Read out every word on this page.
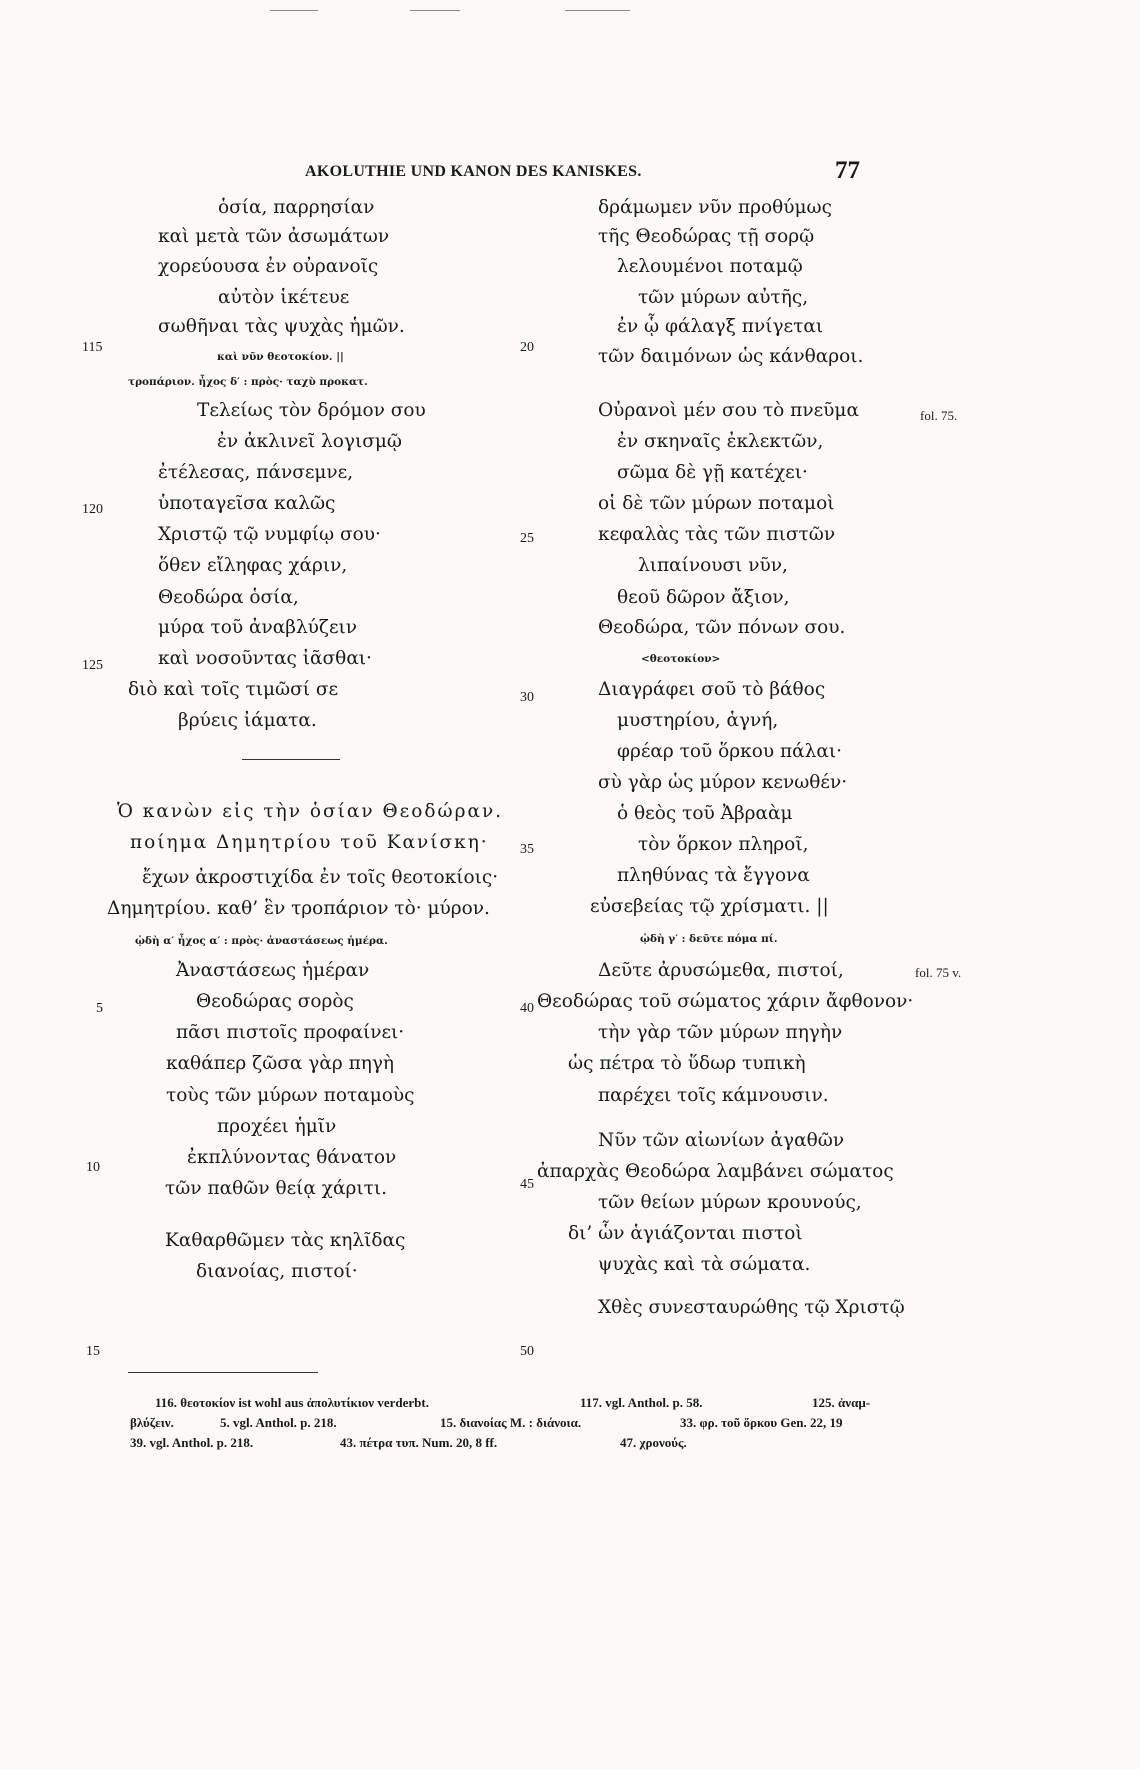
AKOLUTHIE UND KANON DES KANISKES.	77
ὁσία, παρρησίαν
καὶ μετὰ τῶν ἀσωμάτων
χορεύουσα ἐν οὐρανοῖς
αὐτὸν ἱκέτευε
σωθῆναι τὰς ψυχὰς ἡμῶν.
καὶ νῦν θεοτοκίον. ||
τροπάριον. ἦχος δ′ : πρὸς· ταχὺ προκατ.
Τελείως τὸν δρόμον σου
ἐν ἀκλινεῖ λογισμῷ
ἐτέλεσας, πάνσεμνε,
ὑποταγεῖσα καλῶς
Χριστῷ τῷ νυμφίῳ σου·
ὅθεν εἴληφας χάριν,
Θεοδώρα ὁσία,
μύρα τοῦ ἀναβλύζειν
καὶ νοσοῦντας ἰᾶσθαι·
διὸ καὶ τοῖς τιμῶσί σε
βρύεις ἰάματα.
Ὁ κανὼν εἰς τὴν ὁσίαν Θεοδώραν.
ποίημα Δημητρίου τοῦ Κανίσκη·
ἔχων ἀκροστιχίδα ἐν τοῖς θεοτοκίοις·
Δημητρίου. καθ’ ἓν τροπάριον τὸ· μύρον.
ᾠδὴ α′ ἦχος α′ : πρὸς· ἀναστάσεως ἡμέρα.
Ἀναστάσεως ἡμέραν
Θεοδώρας σορὸς
πᾶσι πιστοῖς προφαίνει·
καθάπερ ζῶσα γὰρ πηγὴ
τοὺς τῶν μύρων ποταμοὺς
προχέει ἡμῖν
ἐκπλύνοντας θάνατον
τῶν παθῶν θείᾳ χάριτι.
Καθαρθῶμεν τὰς κηλῖδας
διανοίας, πιστοί·
δράμωμεν νῦν προθύμως
τῆς Θεοδώρας τῇ σορῷ
λελουμένοι ποταμῷ
τῶν μύρων αὐτῆς,
ἐν ᾧ φάλαγξ πνίγεται
τῶν δαιμόνων ὡς κάνθαροι.
Οὐρανοὶ μέν σου τὸ πνεῦμα
ἐν σκηναῖς ἐκλεκτῶν,
σῶμα δὲ γῇ κατέχει·
οἱ δὲ τῶν μύρων ποταμοὶ
κεφαλὰς τὰς τῶν πιστῶν
λιπαίνουσι νῦν,
θεοῦ δῶρον ἄξιον,
Θεοδώρα, τῶν πόνων σου.
<θεοτοκίον>
Διαγράφει σοῦ τὸ βάθος
μυστηρίου, ἁγνή,
φρέαρ τοῦ ὅρκου πάλαι·
σὺ γὰρ ὡς μύρον κενωθέν·
ὁ θεὸς τοῦ Ἀβραὰμ
τὸν ὅρκον πληροῖ,
πληθύνας τὰ ἔγγονα
εὐσεβείας τῷ χρίσματι. ||
ᾠδὴ γ′ : δεῦτε πόμα πί.
Δεῦτε ἀρυσώμεθα, πιστοί,
Θεοδώρας τοῦ σώματος χάριν ἄφθονον·
τὴν γὰρ τῶν μύρων πηγὴν
ὡς πέτρα τὸ ὕδωρ τυπικὴ
παρέχει τοῖς κάμνουσιν.
Νῦν τῶν αἰωνίων ἀγαθῶν
ἀπαρχὰς Θεοδώρα λαμβάνει σώματος
τῶν θείων μύρων κρουνούς,
δι’ ὧν ἁγιάζονται πιστοὶ
ψυχὰς καὶ τὰ σώματα.
Χθὲς συνεσταυρώθης τῷ Χριστῷ
115
120
125
5
10
15
20
25
30
35
40
45
50
fol. 75.
fol. 75 v.
116. θεοτοκίον ist wohl aus ἀπολυτίκιον verderbt.	117. vgl. Anthol. p. 58.	125. ἀναμ-
βλύζειν.	5. vgl. Anthol. p. 218.	15. διανοίας M. : διάνοια.	33. φρ. τοῦ ὅρκου Gen. 22, 19
39. vgl. Anthol. p. 218.	43. πέτρα τυπ. Num. 20, 8 ff.	47. χρονούς.
